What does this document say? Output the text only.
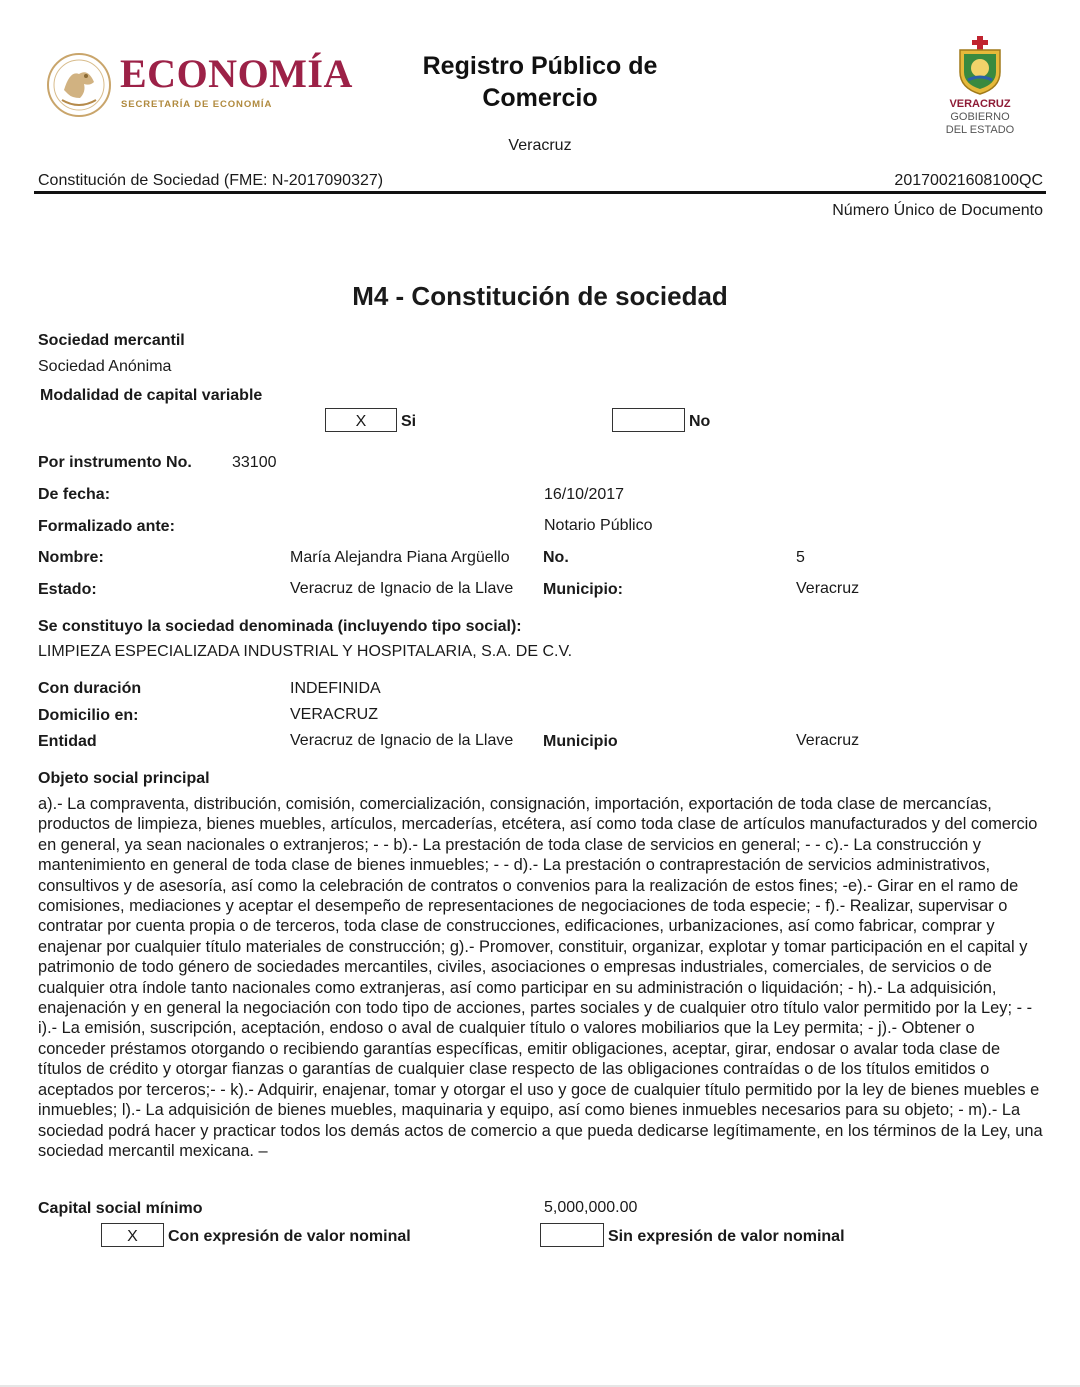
ECONOMÍA
SECRETARÍA DE ECONOMÍA
Registro Público de
Comercio
Veracruz
VERACRUZ
GOBIERNO
DEL ESTADO
Constitución de Sociedad (FME: N-2017090327)	20170021608100QC
Número Único de Documento
M4 - Constitución de sociedad
Sociedad mercantil
Sociedad Anónima
Modalidad de capital variable
X	Si	No
Por instrumento No.	33100
De fecha:	16/10/2017
Formalizado ante:	Notario Público
Nombre:	María Alejandra Piana Argüello No.	5
Estado:	Veracruz de Ignacio de la Llave Municipio:	Veracruz
Se constituyo la sociedad denominada (incluyendo tipo social):
LIMPIEZA ESPECIALIZADA INDUSTRIAL Y HOSPITALARIA, S.A. DE C.V.
Con duración	INDEFINIDA
Domicilio en:	VERACRUZ
Entidad	Veracruz de Ignacio de la Llave Municipio	Veracruz
Objeto social principal
a).- La compraventa, distribución, comisión, comercialización, consignación, importación, exportación de toda clase de mercancías, productos de limpieza, bienes muebles, artículos, mercaderías, etcétera, así como toda clase de artículos manufacturados y del comercio en general, ya sean nacionales o extranjeros; - - b).- La prestación de toda clase de servicios en general; - - c).- La construcción y mantenimiento en general de toda clase de bienes inmuebles; - - d).- La prestación o contraprestación de servicios administrativos, consultivos y de asesoría, así como la celebración de contratos o convenios para la realización de estos fines; -e).- Girar en el ramo de comisiones, mediaciones y aceptar el desempeño de representaciones de negociaciones de toda especie; - f).- Realizar, supervisar o contratar por cuenta propia o de terceros, toda clase de construcciones, edificaciones, urbanizaciones, así como fabricar, comprar y enajenar por cualquier título materiales de construcción; g).- Promover, constituir, organizar, explotar y tomar participación en el capital y patrimonio de todo género de sociedades mercantiles, civiles, asociaciones o empresas industriales, comerciales, de servicios o de cualquier otra índole tanto nacionales como extranjeras, así como participar en su administración o liquidación; - h).- La adquisición, enajenación y en general la negociación con todo tipo de acciones, partes sociales y de cualquier otro título valor permitido por la Ley; - - i).- La emisión, suscripción, aceptación, endoso o aval de cualquier título o valores mobiliarios que la Ley permita; - j).- Obtener o conceder préstamos otorgando o recibiendo garantías específicas, emitir obligaciones, aceptar, girar, endosar o avalar toda clase de títulos de crédito y otorgar fianzas o garantías de cualquier clase respecto de las obligaciones contraídas o de los títulos emitidos o aceptados por terceros;- - k).- Adquirir, enajenar, tomar y otorgar el uso y goce de cualquier título permitido por la ley de bienes muebles e inmuebles; l).- La adquisición de bienes muebles, maquinaria y equipo, así como bienes inmuebles necesarios para su objeto; - m).- La sociedad podrá hacer y practicar todos los demás actos de comercio a que pueda dedicarse legítimamente, en los términos de la Ley, una sociedad mercantil mexicana. –
Capital social mínimo	5,000,000.00
X	Con expresión de valor nominal	Sin expresión de valor nominal
